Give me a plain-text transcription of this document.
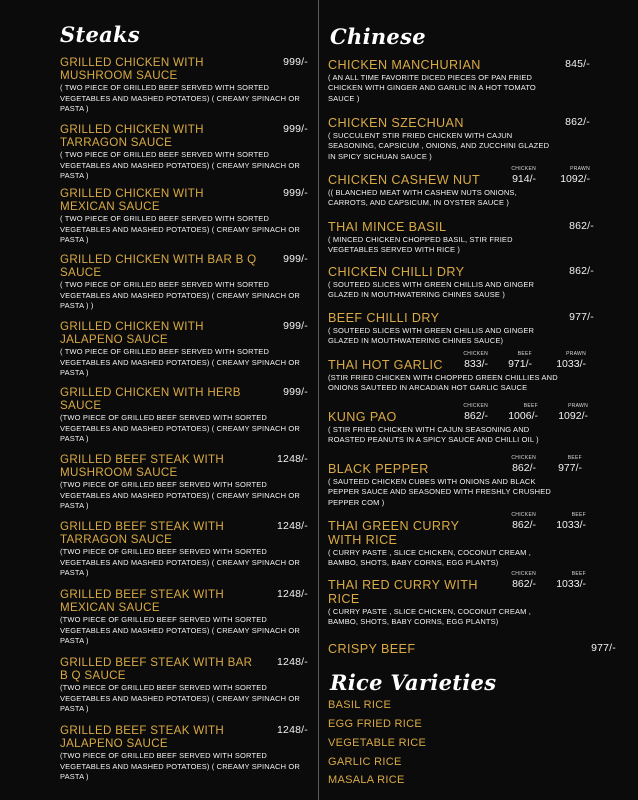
Steaks
GRILLED CHICKEN WITH MUSHROOM SAUCE
999/-
( TWO PIECE OF GRILLED BEEF SERVED WITH SORTED VEGETABLES AND MASHED POTATOES) ( CREAMY SPINACH OR PASTA )
GRILLED CHICKEN WITH TARRAGON SAUCE
999/-
( TWO PIECE OF GRILLED BEEF SERVED WITH SORTED VEGETABLES AND MASHED POTATOES) ( CREAMY SPINACH OR PASTA )
GRILLED CHICKEN WITH MEXICAN SAUCE
999/-
( TWO PIECE OF GRILLED BEEF SERVED WITH SORTED VEGETABLES AND MASHED POTATOES) ( CREAMY SPINACH OR PASTA )
GRILLED CHICKEN WITH BAR B Q SAUCE
999/-
( TWO PIECE OF GRILLED BEEF SERVED WITH SORTED VEGETABLES AND MASHED POTATOES) ( CREAMY SPINACH OR PASTA ) )
GRILLED CHICKEN WITH JALAPENO SAUCE
999/-
( TWO PIECE OF GRILLED BEEF SERVED WITH SORTED VEGETABLES AND MASHED POTATOES) ( CREAMY SPINACH OR PASTA )
GRILLED CHICKEN WITH HERB SAUCE
999/-
(TWO PIECE OF GRILLED BEEF SERVED WITH SORTED VEGETABLES AND MASHED POTATOES) ( CREAMY SPINACH OR PASTA )
GRILLED BEEF STEAK WITH MUSHROOM SAUCE
1248/-
(TWO PIECE OF GRILLED BEEF SERVED WITH SORTED VEGETABLES AND MASHED POTATOES) ( CREAMY SPINACH OR PASTA )
GRILLED BEEF STEAK WITH TARRAGON SAUCE
1248/-
(TWO PIECE OF GRILLED BEEF SERVED WITH SORTED VEGETABLES AND MASHED POTATOES) ( CREAMY SPINACH OR PASTA )
GRILLED BEEF STEAK WITH MEXICAN SAUCE
1248/-
(TWO PIECE OF GRILLED BEEF SERVED WITH SORTED VEGETABLES AND MASHED POTATOES) ( CREAMY SPINACH OR PASTA )
GRILLED BEEF STEAK WITH BAR B Q SAUCE
1248/-
(TWO PIECE OF GRILLED BEEF SERVED WITH SORTED VEGETABLES AND MASHED POTATOES) ( CREAMY SPINACH OR PASTA )
GRILLED BEEF STEAK WITH JALAPENO SAUCE
1248/-
(TWO PIECE OF GRILLED BEEF SERVED WITH SORTED VEGETABLES AND MASHED POTATOES) ( CREAMY SPINACH OR PASTA )
Chinese
CHICKEN MANCHURIAN	845/-
( AN ALL TIME FAVORITE DICED PIECES OF PAN FRIED CHICKEN WITH GINGER AND GARLIC IN A HOT TOMATO SAUCE )
CHICKEN SZECHUAN	862/-
( SUCCULENT STIR FRIED CHICKEN WITH CAJUN SEASONING, CAPSICUM , ONIONS, AND ZUCCHINI GLAZED IN SPICY SICHUAN SAUCE )
CHICKEN CASHEW NUT
CHICKEN
914/-
PRAWN
1092/-
(( BLANCHED MEAT WITH CASHEW NUTS ONIONS, CARROTS, AND CAPSICUM, IN OYSTER SAUCE )
THAI MINCE BASIL	862/-
( MINCED CHICKEN CHOPPED BASIL, STIR FRIED VEGETABLES SERVED WITH RICE )
CHICKEN CHILLI DRY	862/-
( SOUTEED SLICES WITH GREEN CHILLIS AND GINGER GLAZED IN MOUTHWATERING CHINES SAUSE )
BEEF CHILLI DRY	977/-
( SOUTEED SLICES WITH GREEN CHILLIS AND GINGER GLAZED IN MOUTHWATERING CHINES SAUCE)
THAI HOT GARLIC
CHICKEN
833/-
BEEF
971/-
PRAWN
1033/-
(STIR FRIED CHICKEN WITH CHOPPED GREEN CHILLIES AND ONIONS SAUTEED IN ARCADIAN HOT GARLIC SAUCE
KUNG PAO
CHICKEN
862/-
BEEF
1006/-
PRAWN
1092/-
( STIR FRIED CHICKEN WITH CAJUN SEASONING AND ROASTED PEANUTS IN A SPICY SAUCE AND CHILLI OIL )
BLACK PEPPER
CHICKEN
862/-
BEEF
977/-
( SAUTEED CHICKEN CUBES WITH ONIONS AND BLACK PEPPER SAUCE AND SEASONED WITH FRESHLY CRUSHED PEPPER COM )
THAI GREEN CURRY WITH RICE
CHICKEN
862/-
BEEF
1033/-
( CURRY PASTE , SLICE CHICKEN, COCONUT CREAM , BAMBO, SHOTS, BABY CORNS, EGG PLANTS)
THAI RED CURRY WITH RICE
CHICKEN
862/-
BEEF
1033/-
( CURRY PASTE , SLICE CHICKEN, COCONUT CREAM , BAMBO, SHOTS, BABY CORNS, EGG PLANTS)
CRISPY BEEF	977/-
Rice Varieties
BASIL RICE
EGG FRIED RICE
VEGETABLE RICE
GARLIC RICE
MASALA RICE
